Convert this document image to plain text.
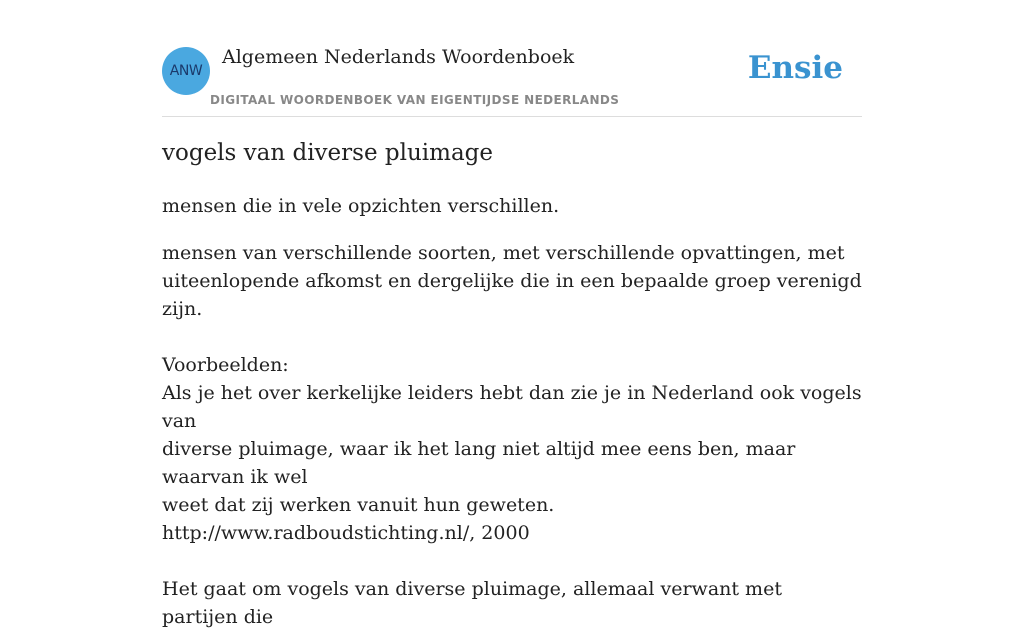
ANW
Algemeen Nederlands Woordenboek
DIGITAAL WOORDENBOEK VAN EIGENTIJDSE NEDERLANDS
Ensie
vogels van diverse pluimage

mensen die in vele opzichten verschillen.

mensen van verschillende soorten, met verschillende opvattingen, met

uiteenlopende afkomst en dergelijke die in een bepaalde groep verenigd zijn.

Voorbeelden:

Als je het over kerkelijke leiders hebt dan zie je in Nederland ook vogels van

diverse pluimage, waar ik het lang niet altijd mee eens ben, maar waarvan ik wel

weet dat zij werken vanuit hun geweten.

http://www.radboudstichting.nl/, 2000

Het gaat om vogels van diverse pluimage, allemaal verwant met partijen die
